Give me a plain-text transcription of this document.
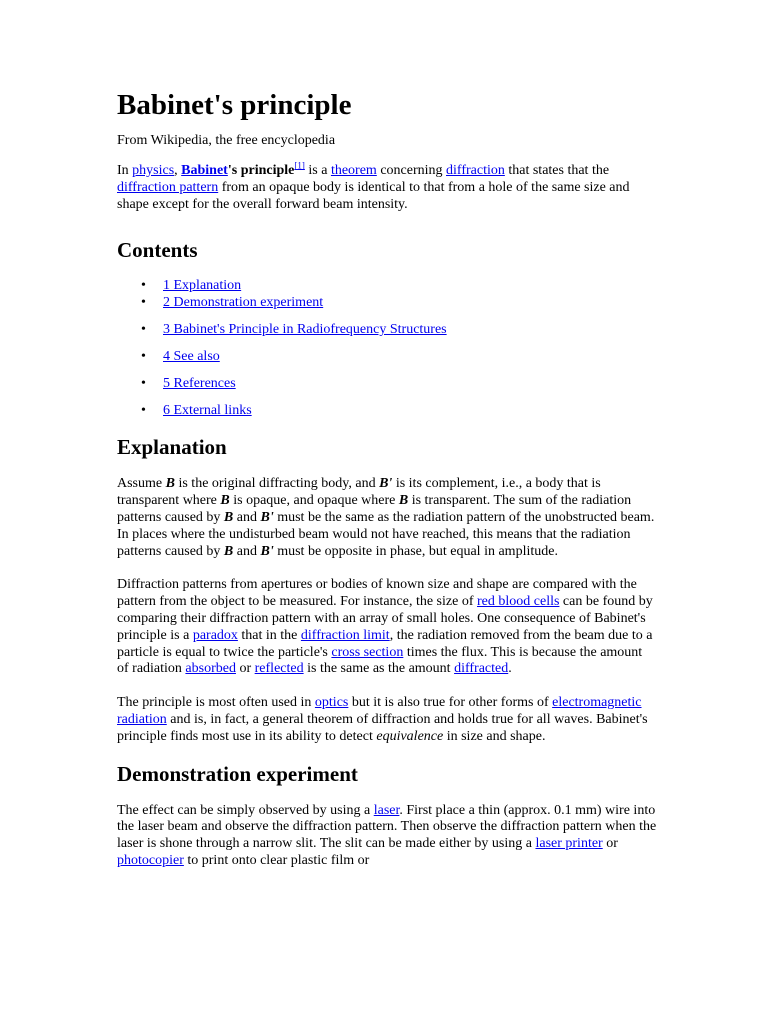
Babinet's principle
From Wikipedia, the free encyclopedia

In physics, Babinet's principle[1] is a theorem concerning diffraction that states that the diffraction pattern from an opaque body is identical to that from a hole of the same size and shape except for the overall forward beam intensity.

Contents
• 1 Explanation
• 2 Demonstration experiment
• 3 Babinet's Principle in Radiofrequency Structures
• 4 See also
• 5 References
• 6 External links
Explanation

Assume B is the original diffracting body, and B' is its complement, i.e., a body that is transparent where B is opaque, and opaque where B is transparent. The sum of the radiation patterns caused by B and B' must be the same as the radiation pattern of the unobstructed beam. In places where the undisturbed beam would not have reached, this means that the radiation patterns caused by B and B' must be opposite in phase, but equal in amplitude.

Diffraction patterns from apertures or bodies of known size and shape are compared with the pattern from the object to be measured. For instance, the size of red blood cells can be found by comparing their diffraction pattern with an array of small holes. One consequence of Babinet's principle is a paradox that in the diffraction limit, the radiation removed from the beam due to a particle is equal to twice the particle's cross section times the flux. This is because the amount of radiation absorbed or reflected is the same as the amount diffracted.

The principle is most often used in optics but it is also true for other forms of electromagnetic radiation and is, in fact, a general theorem of diffraction and holds true for all waves. Babinet's principle finds most use in its ability to detect equivalence in size and shape.

Demonstration experiment

The effect can be simply observed by using a laser. First place a thin (approx. 0.1 mm) wire into the laser beam and observe the diffraction pattern. Then observe the diffraction pattern when the laser is shone through a narrow slit. The slit can be made either by using a laser printer or photocopier to print onto clear plastic film or
